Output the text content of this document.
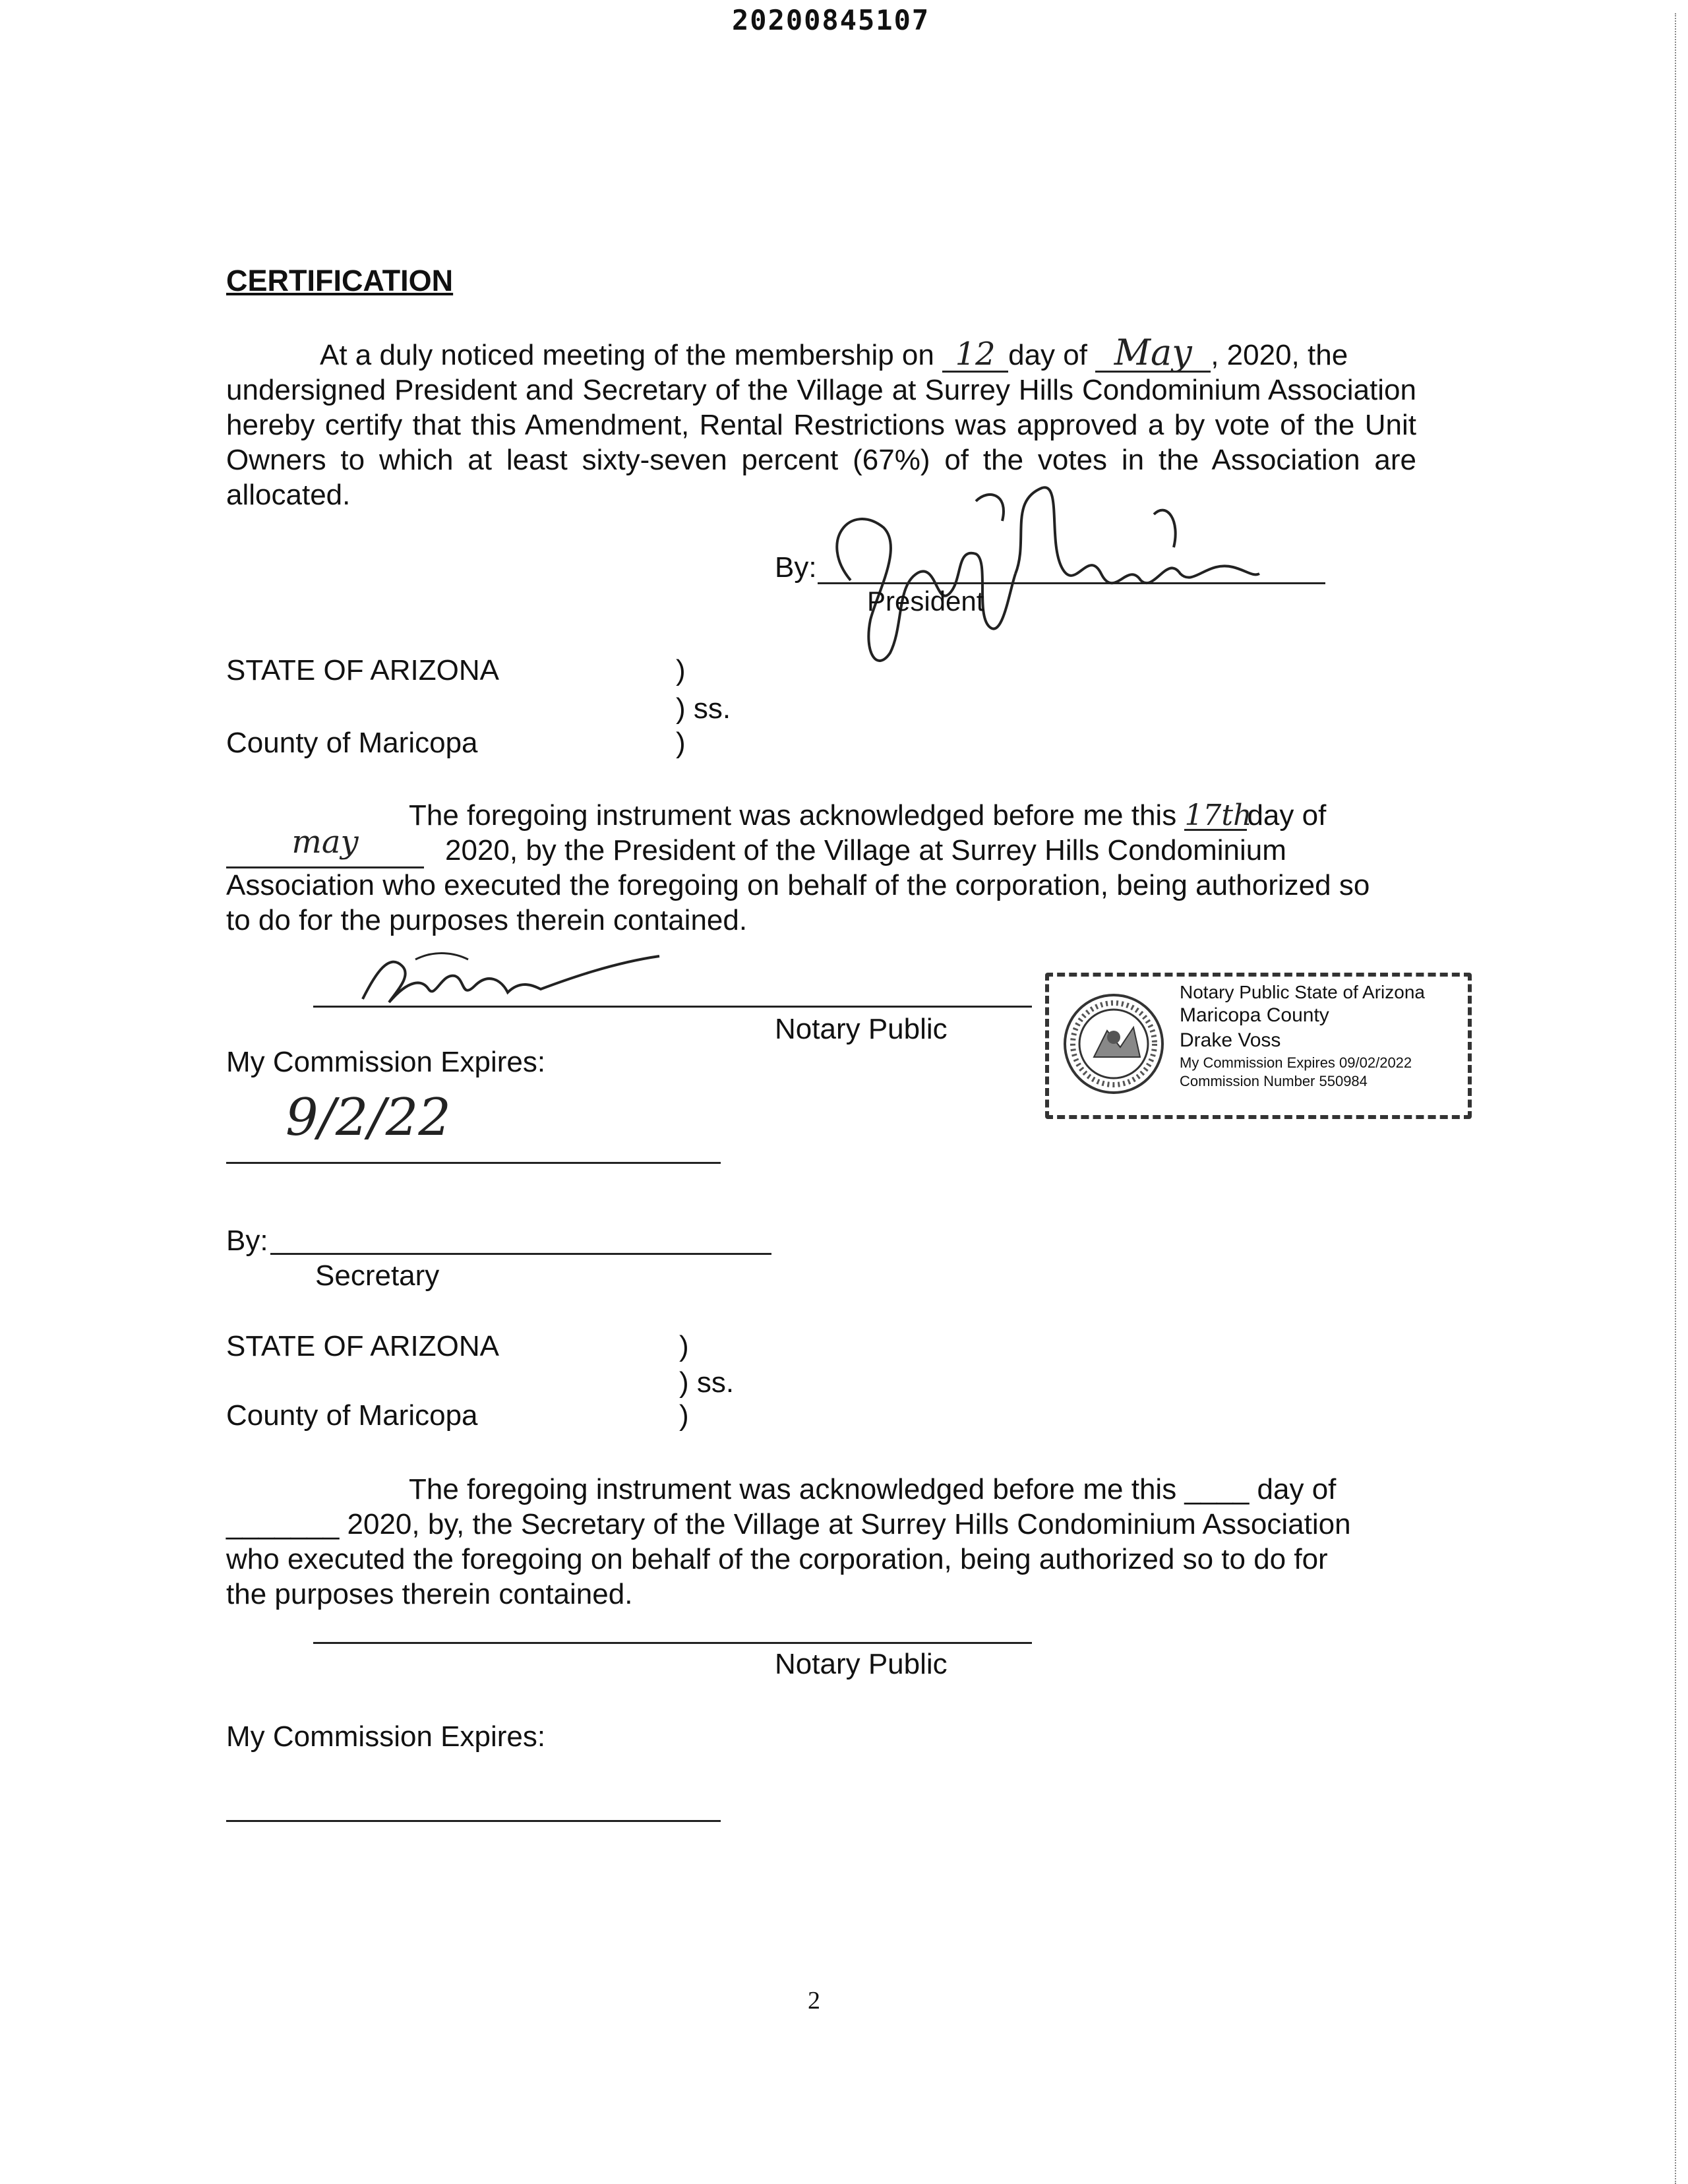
20200845107
CERTIFICATION
At a duly noticed meeting of the membership on 12 day of May , 2020, the
undersigned President and Secretary of the Village at Surrey Hills Condominium Association hereby certify that this Amendment, Rental Restrictions was approved a by vote of the Unit Owners to which at least sixty-seven percent (67%) of the votes in the Association are allocated.
By:
President
STATE OF ARIZONA
County of Maricopa
)
) ss.
)
The foregoing instrument was acknowledged before me this 17thday of
may	2020, by the President of the Village at Surrey Hills Condominium
Association who executed the foregoing on behalf of the corporation, being authorized so
to do for the purposes therein contained.
Notary Public
Notary Public State of Arizona
Maricopa County
Drake Voss
My Commission Expires 09/02/2022
Commission Number 550984
My Commission Expires:
9/2/22
By:
Secretary
STATE OF ARIZONA
County of Maricopa
)
) ss.
)
The foregoing instrument was acknowledged before me this ____ day of
_______ 2020, by, the Secretary of the Village at Surrey Hills Condominium Association
who executed the foregoing on behalf of the corporation, being authorized so to do for
the purposes therein contained.
Notary Public
My Commission Expires:
2
